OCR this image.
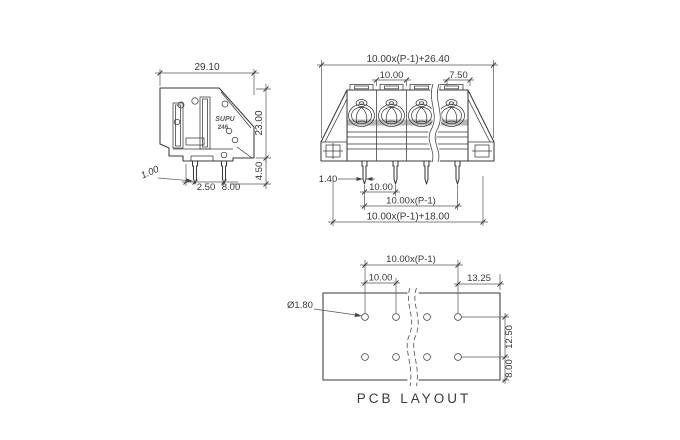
SUPU
246
29.10
23.00
4.50
1.00
2.50 8.00
10.00x(P-1)+26.40
10.00	7.50
1.40
10.00
10.00x(P-1)
10.00x(P-1)+18.00
10.00x(P-1)
10.00	13.25
Ø1.80
12.50
8.00
PCB LAYOUT
